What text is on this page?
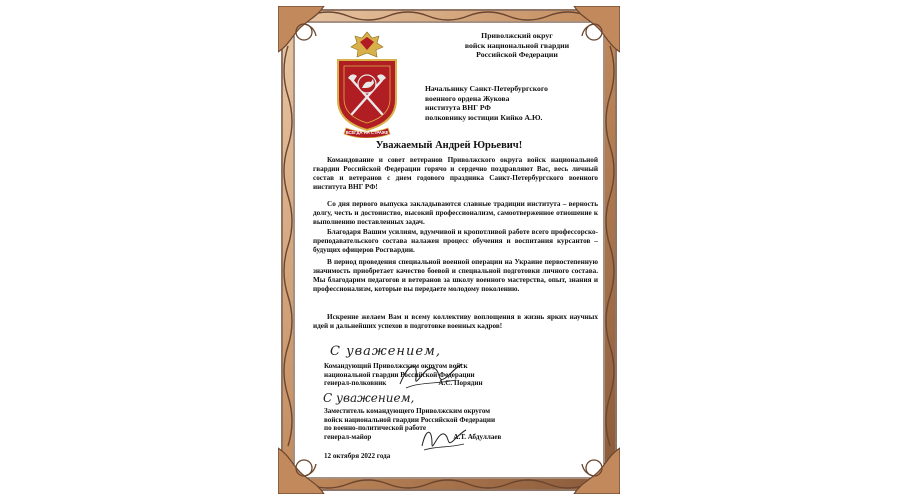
ВСЕГДА НА СТРАЖЕ
Приволжский округ
войск национальной гвардии
Российской Федерации
Начальнику Санкт-Петербургского
военного ордена Жукова
института ВНГ РФ
полковнику юстиции Кийко А.Ю.
Уважаемый Андрей Юрьевич!
Командование и совет ветеранов Приволжского округа войск национальной гвардии Российской Федерации горячо и сердечно поздравляют Вас, весь личный состав и ветеранов с днем годового праздника Санкт-Петербургского военного института ВНГ РФ!
Со дня первого выпуска закладываются славные традиции института – верность долгу, честь и достоинство, высокий профессионализм, самоотверженное отношение к выполнению поставленных задач.
Благодаря Вашим усилиям, вдумчивой и кропотливой работе всего профессорско-преподавательского состава налажен процесс обучения и воспитания курсантов – будущих офицеров Росгвардии.
В период проведения специальной военной операции на Украине первостепенную значимость приобретает качество боевой и специальной подготовки личного состава. Мы благодарим педагогов и ветеранов за школу военного мастерства, опыт, знания и профессионализм, которые вы передаете молодому поколению.
Искренне желаем Вам и всему коллективу воплощения в жизнь ярких научных идей и дальнейших успехов в подготовке военных кадров!
С уважением,
Командующий Приволжским округом войск
национальной гвардии Российской Федерации
генерал-полковник	А.С. Порядин
С уважением,
Заместитель командующего Приволжским округом
войск национальной гвардии Российской Федерации
по военно-политической работе
генерал-майор	А.Т. Абдуллаев
12 октября 2022 года
